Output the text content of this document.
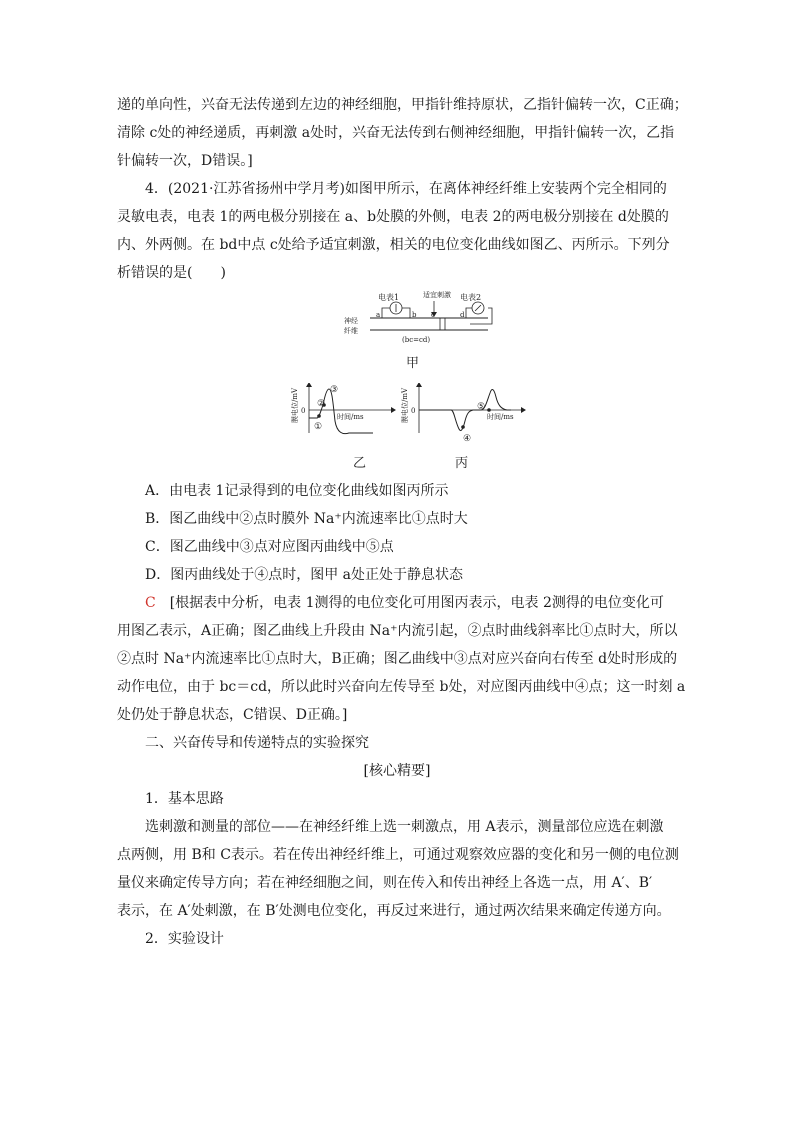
递的单向性，兴奋无法传递到左边的神经细胞，甲指针维持原状，乙指针偏转一次，C正确；
清除 c处的神经递质，再刺激 a处时，兴奋无法传到右侧神经细胞，甲指针偏转一次，乙指
针偏转一次，D错误。]
4．(2021·江苏省扬州中学月考)如图甲所示，在离体神经纤维上安装两个完全相同的
灵敏电表，电表 1的两电极分别接在 a、b处膜的外侧，电表 2的两电极分别接在 d处膜的
内、外两侧。在 bd中点 c处给予适宜刺激，相关的电位变化曲线如图乙、丙所示。下列分
析错误的是(　　)
电表1	适宜刺激 电表2
神经
纤维
a	b c	d
(bc=cd)
甲
0
时间/ms
③
①
②
膜电位/mV
乙
0
时间/ms
⑤
④
膜电位/mV
丙
A．由电表 1记录得到的电位变化曲线如图丙所示
B．图乙曲线中②点时膜外 Na⁺内流速率比①点时大
C．图乙曲线中③点对应图丙曲线中⑤点
D．图丙曲线处于④点时，图甲 a处正处于静息状态
C　[根据表中分析，电表 1测得的电位变化可用图丙表示，电表 2测得的电位变化可
用图乙表示，A正确；图乙曲线上升段由 Na⁺内流引起，②点时曲线斜率比①点时大，所以
②点时 Na⁺内流速率比①点时大，B正确；图乙曲线中③点对应兴奋向右传至 d处时形成的
动作电位，由于 bc＝cd，所以此时兴奋向左传导至 b处，对应图丙曲线中④点；这一时刻 a
处仍处于静息状态，C错误、D正确。]
二、兴奋传导和传递特点的实验探究
[核心精要]
1．基本思路
选刺激和测量的部位——在神经纤维上选一刺激点，用 A表示，测量部位应选在刺激
点两侧，用 B和 C表示。若在传出神经纤维上，可通过观察效应器的变化和另一侧的电位测
量仪来确定传导方向；若在神经细胞之间，则在传入和传出神经上各选一点，用 A′、B′
表示，在 A′处刺激，在 B′处测电位变化，再反过来进行，通过两次结果来确定传递方向。
2．实验设计
